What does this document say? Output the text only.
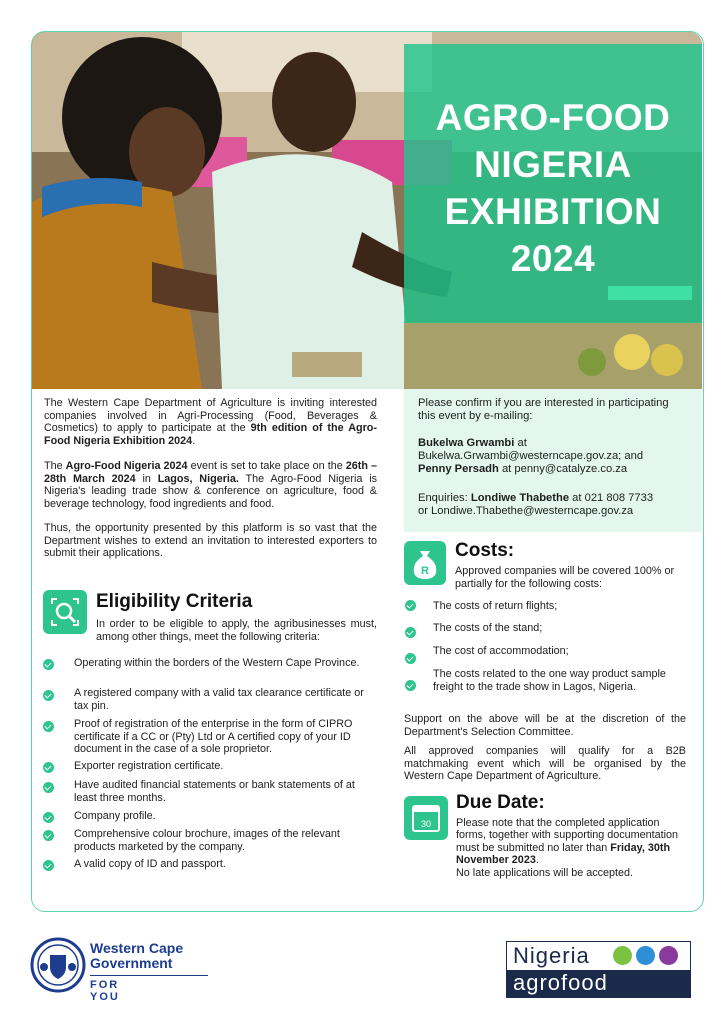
AGRO-FOOD
NIGERIA
EXHIBITION
2024
The Western Cape Department of Agriculture is inviting interested companies involved in Agri-Processing (Food, Beverages & Cosmetics) to apply to participate at the 9th edition of the Agro-Food Nigeria Exhibition 2024.
The Agro-Food Nigeria 2024 event is set to take place on the 26th – 28th March 2024 in Lagos, Nigeria. The Agro-Food Nigeria is Nigeria's leading trade show & conference on agriculture, food & beverage technology, food ingredients and food.
Thus, the opportunity presented by this platform is so vast that the Department wishes to extend an invitation to interested exporters to submit their applications.
Please confirm if you are interested in participating this event by e-mailing:
Bukelwa Grwambi at
Bukelwa.Grwambi@westerncape.gov.za; and
Penny Persadh at penny@catalyze.co.za
Enquiries: Londiwe Thabethe at 021 808 7733
or Londiwe.Thabethe@westerncape.gov.za
Eligibility Criteria
In order to be eligible to apply, the agribusinesses must, among other things, meet the following criteria:
Operating within the borders of the Western Cape Province.
A registered company with a valid tax clearance certificate or tax pin.
Proof of registration of the enterprise in the form of CIPRO certificate if a CC or (Pty) Ltd or A certified copy of your ID document in the case of a sole proprietor.
Exporter registration certificate.
Have audited financial statements or bank statements of at least three months.
Company profile.
Comprehensive colour brochure, images of the relevant products marketed by the company.
A valid copy of ID and passport.
R
Costs:
Approved companies will be covered 100% or partially for the following costs:
The costs of return flights;
The costs of the stand;
The cost of accommodation;
The costs related to the one way product sample freight to the trade show in Lagos, Nigeria.
Support on the above will be at the discretion of the Department's Selection Committee.
All approved companies will qualify for a B2B matchmaking event which will be organised by the Western Cape Department of Agriculture.
30
Due Date:
Please note that the completed application forms, together with supporting documentation must be submitted no later than Friday, 30th November 2023.
No late applications will be accepted.
Western Cape
Government
FOR YOU
Nigeria
agrofood
